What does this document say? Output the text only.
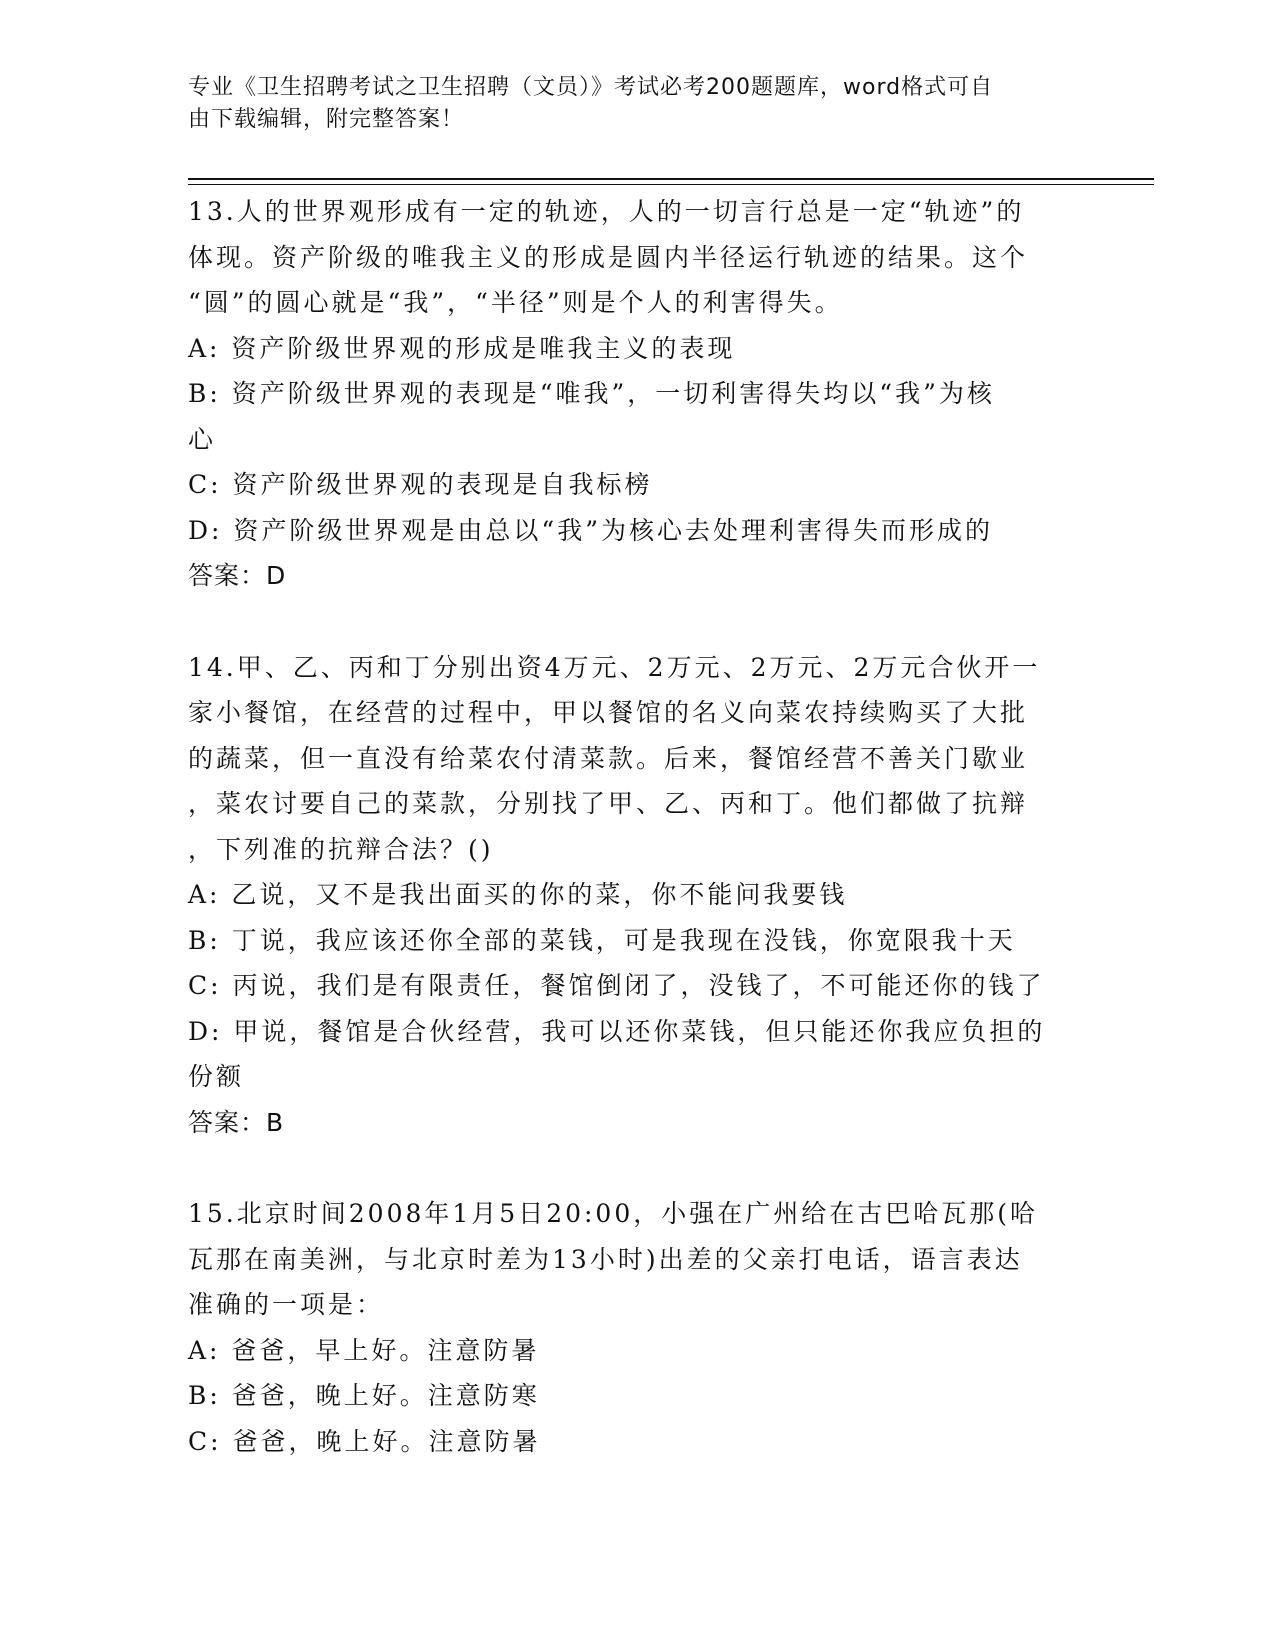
专业《卫生招聘考试之卫生招聘（文员）》考试必考200题题库，word格式可自
由下载编辑，附完整答案！
13.人的世界观形成有一定的轨迹，人的一切言行总是一定“轨迹”的
体现。资产阶级的唯我主义的形成是圆内半径运行轨迹的结果。这个
“圆”的圆心就是“我”，“半径”则是个人的利害得失。
A: 资产阶级世界观的形成是唯我主义的表现
B: 资产阶级世界观的表现是“唯我”，一切利害得失均以“我”为核
心
C: 资产阶级世界观的表现是自我标榜
D: 资产阶级世界观是由总以“我”为核心去处理利害得失而形成的
答案：D
14.甲、乙、丙和丁分别出资4万元、2万元、2万元、2万元合伙开一
家小餐馆，在经营的过程中，甲以餐馆的名义向菜农持续购买了大批
的蔬菜，但一直没有给菜农付清菜款。后来，餐馆经营不善关门歇业
，菜农讨要自己的菜款，分别找了甲、乙、丙和丁。他们都做了抗辩
，下列准的抗辩合法？()
A: 乙说，又不是我出面买的你的菜，你不能问我要钱
B: 丁说，我应该还你全部的菜钱，可是我现在没钱，你宽限我十天
C: 丙说，我们是有限责任，餐馆倒闭了，没钱了，不可能还你的钱了
D: 甲说，餐馆是合伙经营，我可以还你菜钱，但只能还你我应负担的
份额
答案：B
15.北京时间2008年1月5日20:00，小强在广州给在古巴哈瓦那(哈
瓦那在南美洲，与北京时差为13小时)出差的父亲打电话，语言表达
准确的一项是：
A: 爸爸，早上好。注意防暑
B: 爸爸，晚上好。注意防寒
C: 爸爸，晚上好。注意防暑
